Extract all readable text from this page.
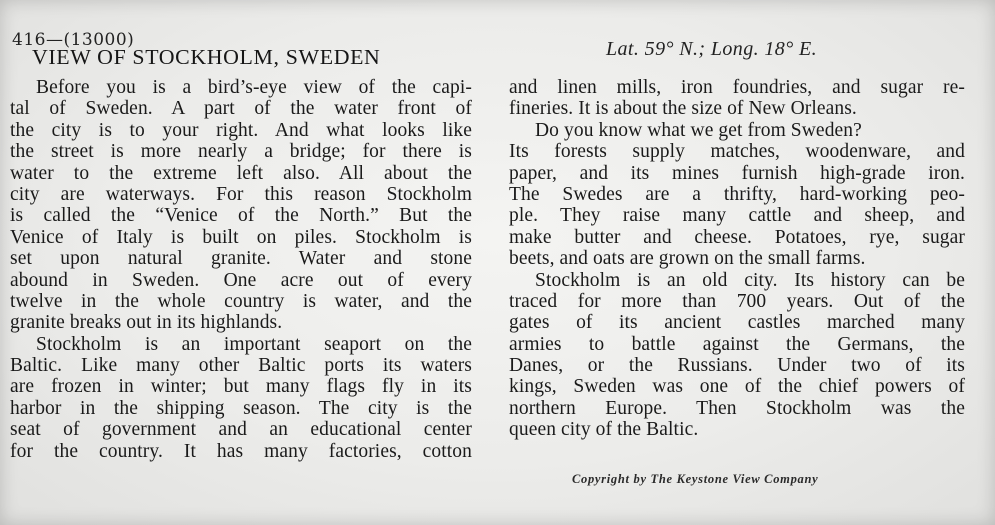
416—(13000)
VIEW OF STOCKHOLM, SWEDEN	Lat. 59° N.; Long. 18° E.
Before you is a bird’s-eye view of the capi-
tal of Sweden. A part of the water front of
the city is to your right. And what looks like
the street is more nearly a bridge; for there is
water to the extreme left also. All about the
city are waterways. For this reason Stockholm
is called the “Venice of the North.” But the
Venice of Italy is built on piles. Stockholm is
set upon natural granite. Water and stone
abound in Sweden. One acre out of every
twelve in the whole country is water, and the
granite breaks out in its highlands.
Stockholm is an important seaport on the
Baltic. Like many other Baltic ports its waters
are frozen in winter; but many flags fly in its
harbor in the shipping season. The city is the
seat of government and an educational center
for the country. It has many factories, cotton
and linen mills, iron foundries, and sugar re-
fineries. It is about the size of New Orleans.
Do you know what we get from Sweden?
Its forests supply matches, woodenware, and
paper, and its mines furnish high-grade iron.
The Swedes are a thrifty, hard-working peo-
ple. They raise many cattle and sheep, and
make butter and cheese. Potatoes, rye, sugar
beets, and oats are grown on the small farms.
Stockholm is an old city. Its history can be
traced for more than 700 years. Out of the
gates of its ancient castles marched many
armies to battle against the Germans, the
Danes, or the Russians. Under two of its
kings, Sweden was one of the chief powers of
northern Europe. Then Stockholm was the
queen city of the Baltic.
Copyright by The Keystone View Company
